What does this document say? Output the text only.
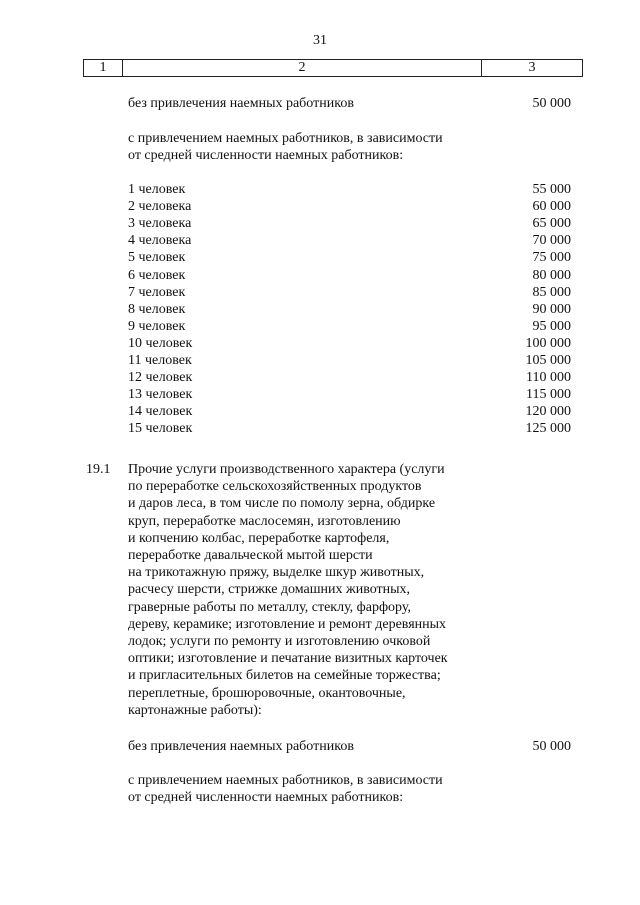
31
1	2	3
без привлечения наемных работников	50 000
с привлечением наемных работников, в зависимости
от средней численности наемных работников:
1 человек	55 000
2 человека	60 000
3 человека	65 000
4 человека	70 000
5 человек	75 000
6 человек	80 000
7 человек	85 000
8 человек	90 000
9 человек	95 000
10 человек	100 000
11 человек	105 000
12 человек	110 000
13 человек	115 000
14 человек	120 000
15 человек	125 000
19.1 Прочие услуги производственного характера (услуги
по переработке сельскохозяйственных продуктов
и даров леса, в том числе по помолу зерна, обдирке
круп, переработке маслосемян, изготовлению
и копчению колбас, переработке картофеля,
переработке давальческой мытой шерсти
на трикотажную пряжу, выделке шкур животных,
расчесу шерсти, стрижке домашних животных,
граверные работы по металлу, стеклу, фарфору,
дереву, керамике; изготовление и ремонт деревянных
лодок; услуги по ремонту и изготовлению очковой
оптики; изготовление и печатание визитных карточек
и пригласительных билетов на семейные торжества;
переплетные, брошюровочные, окантовочные,
картонажные работы):
без привлечения наемных работников	50 000
с привлечением наемных работников, в зависимости
от средней численности наемных работников:
